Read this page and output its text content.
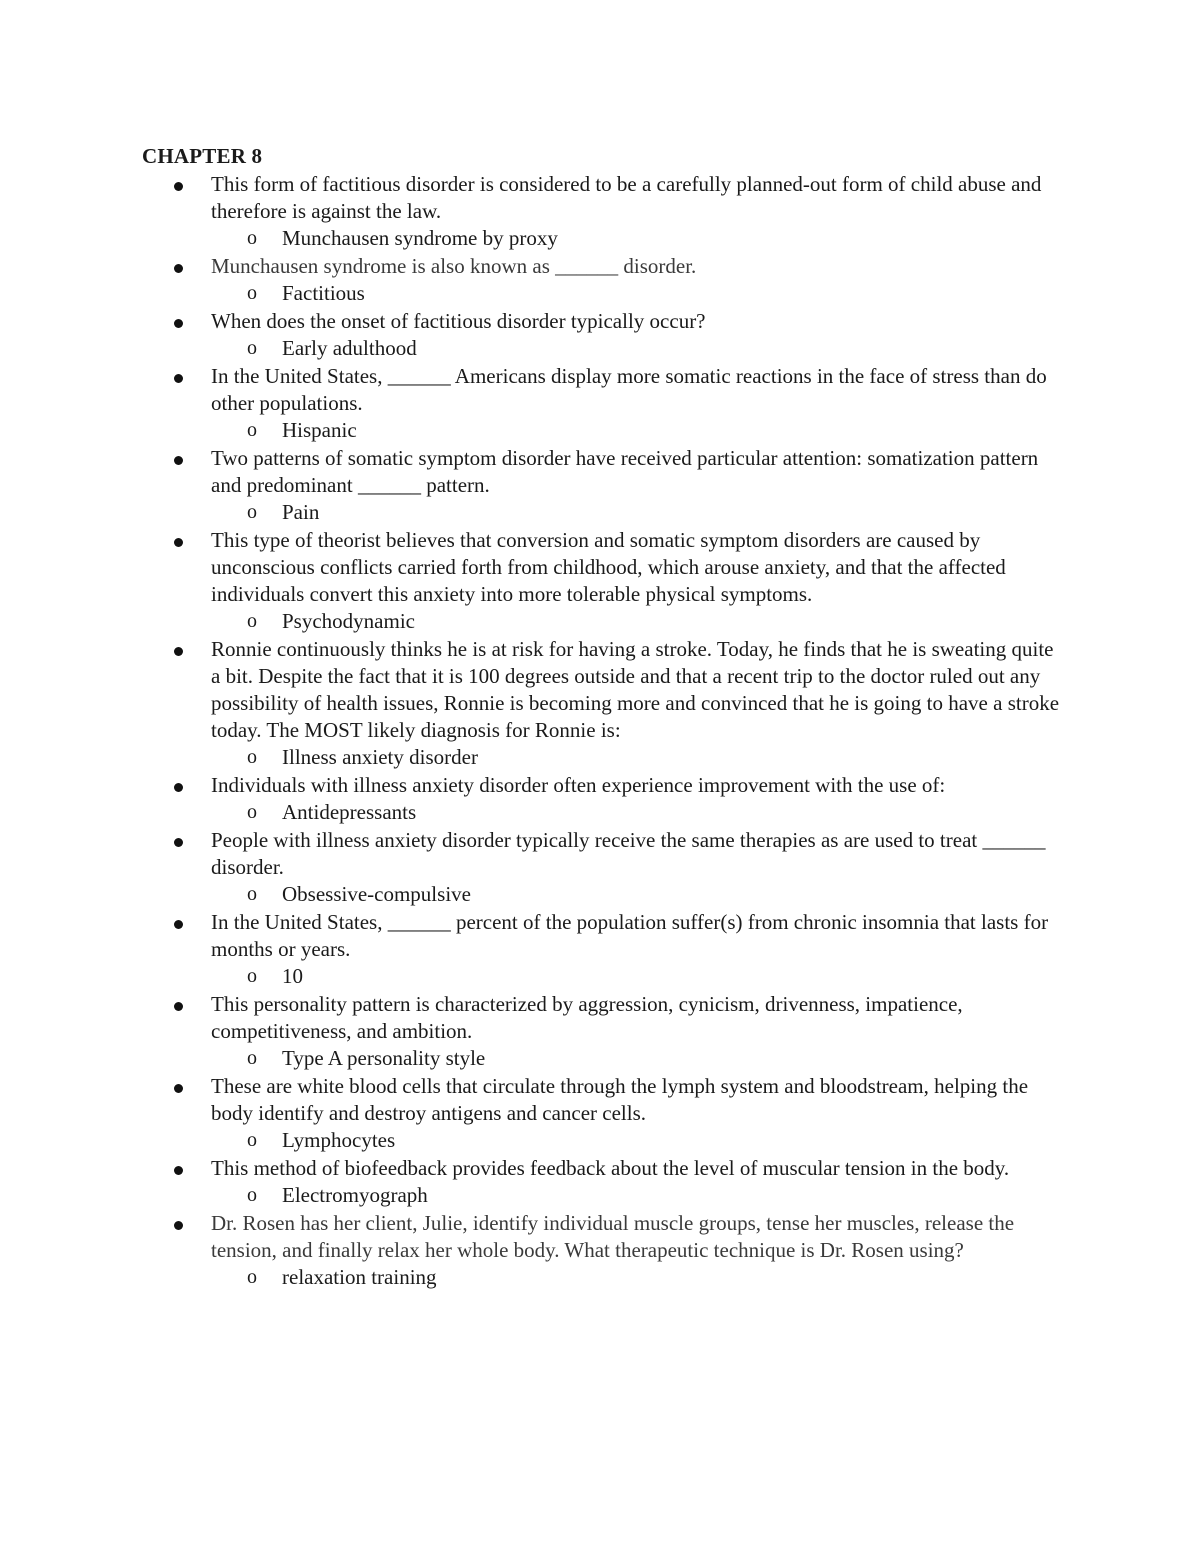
CHAPTER 8
This form of factitious disorder is considered to be a carefully planned-out form of child abuse and therefore is against the law.
o Munchausen syndrome by proxy
Munchausen syndrome is also known as ______ disorder.
o Factitious
When does the onset of factitious disorder typically occur?
o Early adulthood
In the United States, ______ Americans display more somatic reactions in the face of stress than do other populations.
o Hispanic
Two patterns of somatic symptom disorder have received particular attention: somatization pattern and predominant ______ pattern.
o Pain
This type of theorist believes that conversion and somatic symptom disorders are caused by unconscious conflicts carried forth from childhood, which arouse anxiety, and that the affected individuals convert this anxiety into more tolerable physical symptoms.
o Psychodynamic
Ronnie continuously thinks he is at risk for having a stroke. Today, he finds that he is sweating quite a bit. Despite the fact that it is 100 degrees outside and that a recent trip to the doctor ruled out any possibility of health issues, Ronnie is becoming more and convinced that he is going to have a stroke today. The MOST likely diagnosis for Ronnie is:
o Illness anxiety disorder
Individuals with illness anxiety disorder often experience improvement with the use of:
o Antidepressants
People with illness anxiety disorder typically receive the same therapies as are used to treat ______ disorder.
o Obsessive-compulsive
In the United States, ______ percent of the population suffer(s) from chronic insomnia that lasts for months or years.
o 10
This personality pattern is characterized by aggression, cynicism, drivenness, impatience, competitiveness, and ambition.
o Type A personality style
These are white blood cells that circulate through the lymph system and bloodstream, helping the body identify and destroy antigens and cancer cells.
o Lymphocytes
This method of biofeedback provides feedback about the level of muscular tension in the body.
o Electromyograph
Dr. Rosen has her client, Julie, identify individual muscle groups, tense her muscles, release the tension, and finally relax her whole body. What therapeutic technique is Dr. Rosen using?
o relaxation training
